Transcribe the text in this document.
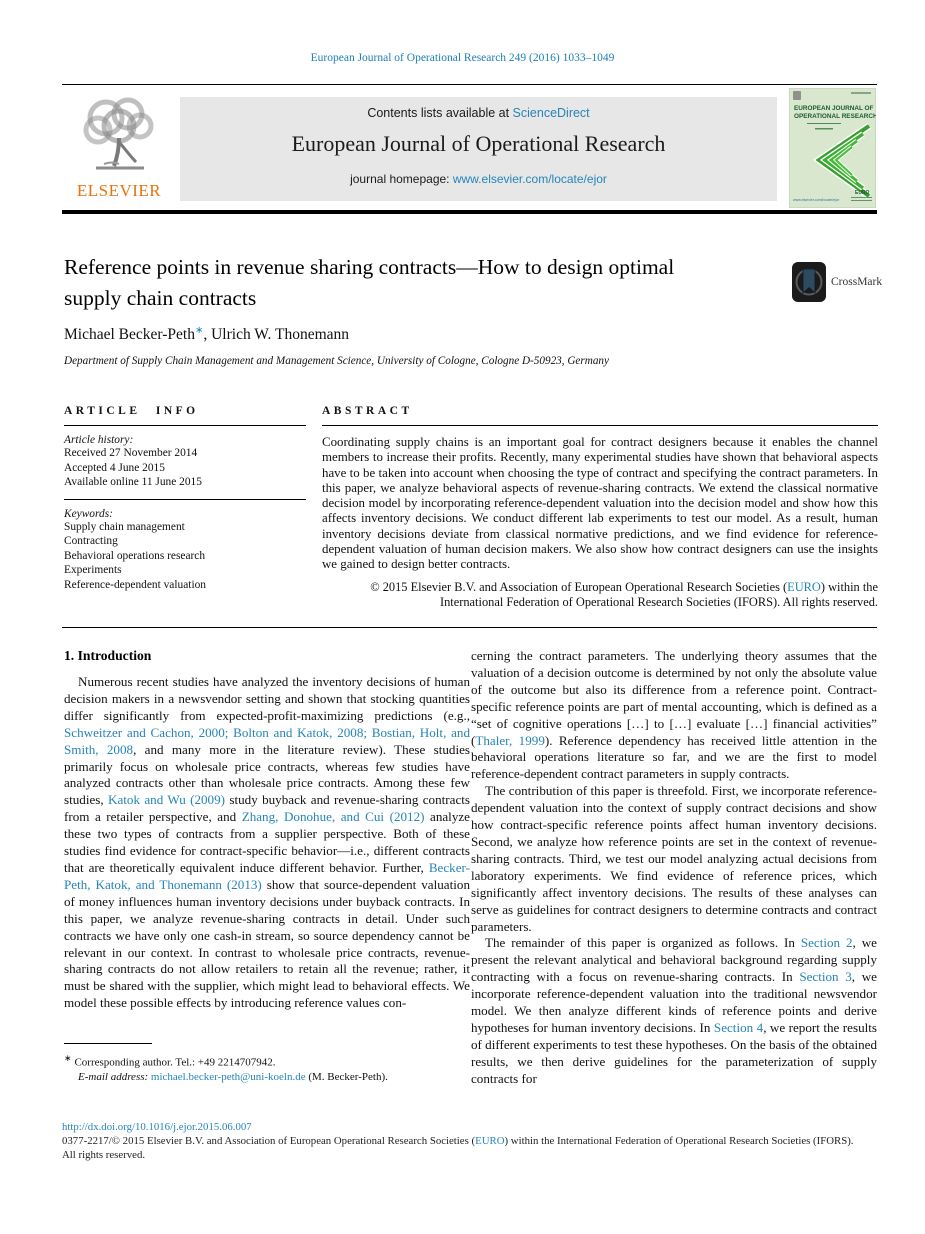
European Journal of Operational Research 249 (2016) 1033–1049
ELSEVIER
Contents lists available at ScienceDirect
European Journal of Operational Research
journal homepage: www.elsevier.com/locate/ejor
EUROPEAN JOURNAL OF
OPERATIONAL RESEARCH
www.elsevier.com/locate/ejor
EURO
Reference points in revenue sharing contracts—How to design optimal
supply chain contracts
CrossMark
Michael Becker-Peth∗, Ulrich W. Thonemann
Department of Supply Chain Management and Management Science, University of Cologne, Cologne D-50923, Germany
ARTICLE INFO
Article history:
Received 27 November 2014
Accepted 4 June 2015
Available online 11 June 2015
Keywords:
Supply chain management
Contracting
Behavioral operations research
Experiments
Reference-dependent valuation
ABSTRACT
Coordinating supply chains is an important goal for contract designers because it enables the channel members to increase their profits. Recently, many experimental studies have shown that behavioral aspects have to be taken into account when choosing the type of contract and specifying the contract parameters. In this paper, we analyze behavioral aspects of revenue-sharing contracts. We extend the classical normative decision model by incorporating reference-dependent valuation into the decision model and show how this affects inventory decisions. We conduct different lab experiments to test our model. As a result, human inventory decisions deviate from classical normative predictions, and we find evidence for reference-dependent valuation of human decision makers. We also show how contract designers can use the insights we gained to design better contracts.
© 2015 Elsevier B.V. and Association of European Operational Research Societies (EURO) within the International Federation of Operational Research Societies (IFORS). All rights reserved.
1. Introduction

Numerous recent studies have analyzed the inventory decisions of human decision makers in a newsvendor setting and shown that stocking quantities differ significantly from expected-profit-maximizing predictions (e.g., Schweitzer and Cachon, 2000; Bolton and Katok, 2008; Bostian, Holt, and Smith, 2008, and many more in the literature review). These studies primarily focus on wholesale price contracts, whereas few studies have analyzed contracts other than wholesale price contracts. Among these few studies, Katok and Wu (2009) study buyback and revenue-sharing contracts from a retailer perspective, and Zhang, Donohue, and Cui (2012) analyze these two types of contracts from a supplier perspective. Both of these studies find evidence for contract-specific behavior—i.e., different contracts that are theoretically equivalent induce different behavior. Further, Becker-Peth, Katok, and Thonemann (2013) show that source-dependent valuation of money influences human inventory decisions under buyback contracts. In this paper, we analyze revenue-sharing contracts in detail. Under such contracts we have only one cash-in stream, so source dependency cannot be relevant in our context. In contrast to wholesale price contracts, revenue-sharing contracts do not allow retailers to retain all the revenue; rather, it must be shared with the supplier, which might lead to behavioral effects. We model these possible effects by introducing reference values con-

cerning the contract parameters. The underlying theory assumes that the valuation of a decision outcome is determined by not only the absolute value of the outcome but also its difference from a reference point. Contract-specific reference points are part of mental accounting, which is defined as a “set of cognitive operations […] to […] evaluate […] financial activities” (Thaler, 1999). Reference dependency has received little attention in the behavioral operations literature so far, and we are the first to model reference-dependent contract parameters in supply contracts.

The contribution of this paper is threefold. First, we incorporate reference-dependent valuation into the context of supply contract decisions and show how contract-specific reference points affect human inventory decisions. Second, we analyze how reference points are set in the context of revenue-sharing contracts. Third, we test our model analyzing actual decisions from laboratory experiments. We find evidence of reference prices, which significantly affect inventory decisions. The results of these analyses can serve as guidelines for contract designers to determine contracts and contract parameters.

The remainder of this paper is organized as follows. In Section 2, we present the relevant analytical and behavioral background regarding supply contracting with a focus on revenue-sharing contracts. In Section 3, we incorporate reference-dependent valuation into the traditional newsvendor model. We then analyze different kinds of reference points and derive hypotheses for human inventory decisions. In Section 4, we report the results of different experiments to test these hypotheses. On the basis of the obtained results, we then derive guidelines for the parameterization of supply contracts for

∗ Corresponding author. Tel.: +49 2214707942.
E-mail address: michael.becker-peth@uni-koeln.de (M. Becker-Peth).
http://dx.doi.org/10.1016/j.ejor.2015.06.007
0377-2217/© 2015 Elsevier B.V. and Association of European Operational Research Societies (EURO) within the International Federation of Operational Research Societies (IFORS).
All rights reserved.
